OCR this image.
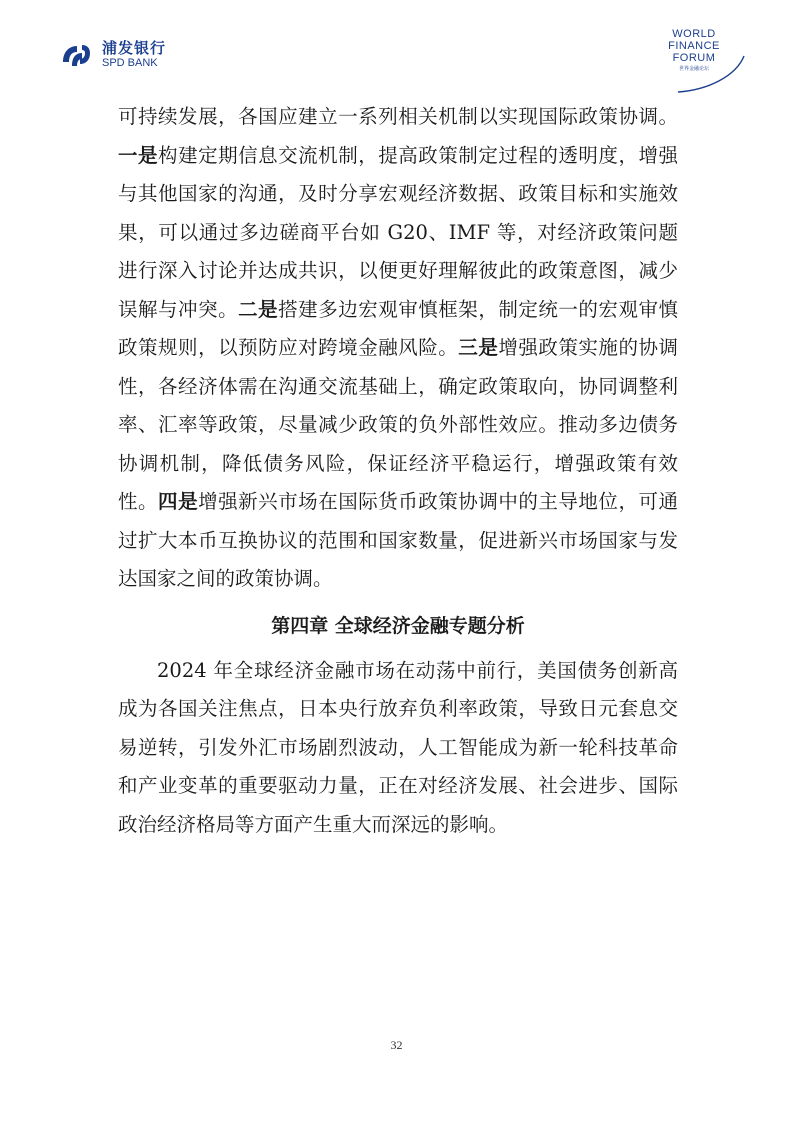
浦发银行
SPD BANK
WORLD
FINANCE
FORUM
世界金融论坛

可持续发展，各国应建立一系列相关机制以实现国际政策协调。一是构建定期信息交流机制，提高政策制定过程的透明度，增强与其他国家的沟通，及时分享宏观经济数据、政策目标和实施效果，可以通过多边磋商平台如 G20、IMF 等，对经济政策问题进行深入讨论并达成共识，以便更好理解彼此的政策意图，减少误解与冲突。二是搭建多边宏观审慎框架，制定统一的宏观审慎政策规则，以预防应对跨境金融风险。三是增强政策实施的协调性，各经济体需在沟通交流基础上，确定政策取向，协同调整利率、汇率等政策，尽量减少政策的负外部性效应。推动多边债务协调机制，降低债务风险，保证经济平稳运行，增强政策有效性。四是增强新兴市场在国际货币政策协调中的主导地位，可通过扩大本币互换协议的范围和国家数量，促进新兴市场国家与发达国家之间的政策协调。

第四章 全球经济金融专题分析

2024 年全球经济金融市场在动荡中前行，美国债务创新高成为各国关注焦点，日本央行放弃负利率政策，导致日元套息交易逆转，引发外汇市场剧烈波动，人工智能成为新一轮科技革命和产业变革的重要驱动力量，正在对经济发展、社会进步、国际政治经济格局等方面产生重大而深远的影响。

32
